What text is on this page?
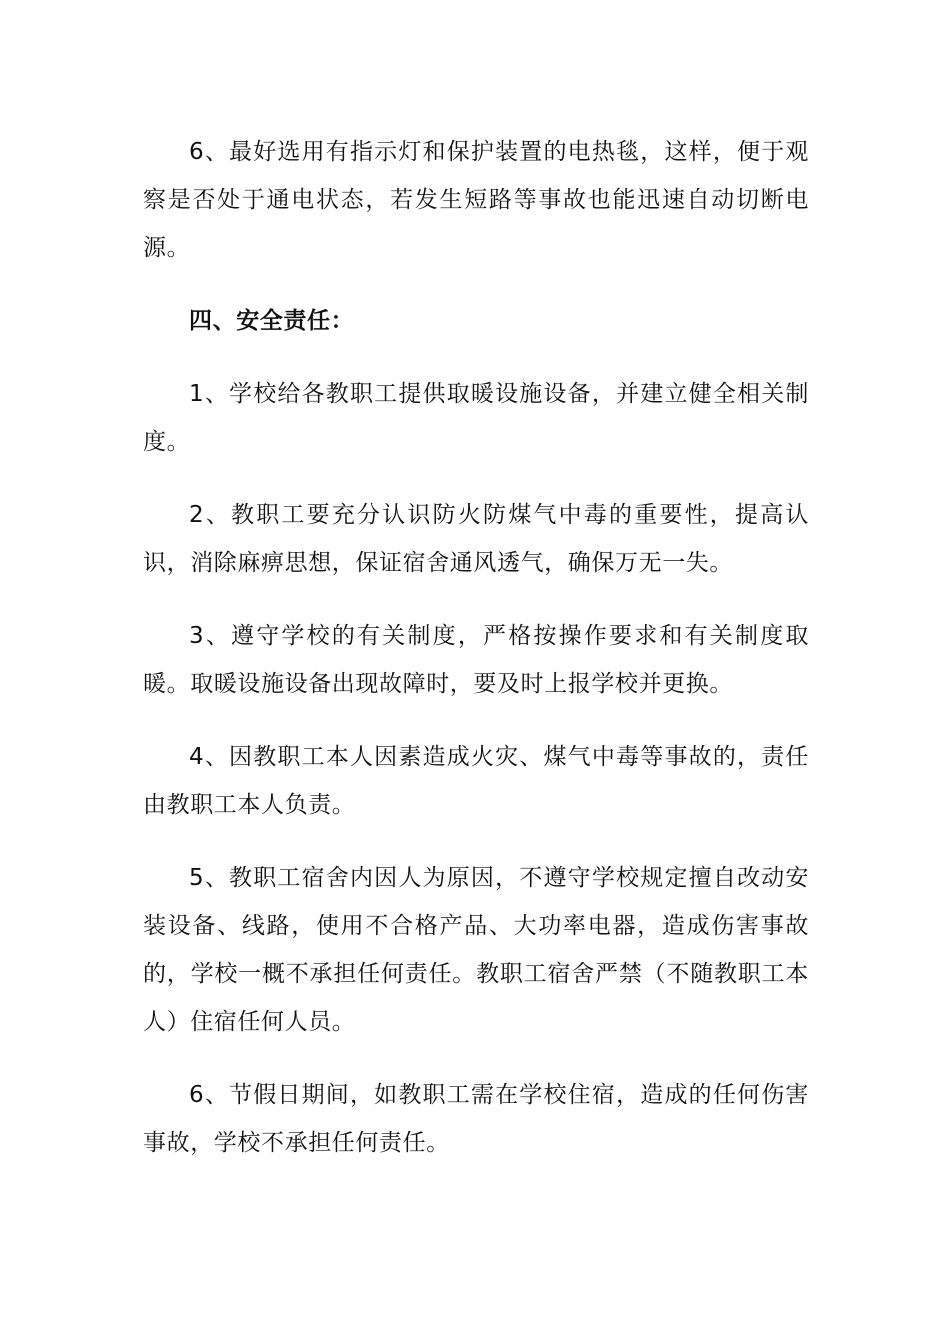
6、最好选用有指示灯和保护装置的电热毯，这样，便于观察是否处于通电状态，若发生短路等事故也能迅速自动切断电源。

四、安全责任：

1、学校给各教职工提供取暖设施设备，并建立健全相关制度。

2、教职工要充分认识防火防煤气中毒的重要性，提高认识，消除麻痹思想，保证宿舍通风透气，确保万无一失。

3、遵守学校的有关制度，严格按操作要求和有关制度取暖。取暖设施设备出现故障时，要及时上报学校并更换。

4、因教职工本人因素造成火灾、煤气中毒等事故的，责任由教职工本人负责。

5、教职工宿舍内因人为原因，不遵守学校规定擅自改动安装设备、线路，使用不合格产品、大功率电器，造成伤害事故的，学校一概不承担任何责任。教职工宿舍严禁（不随教职工本人）住宿任何人员。

6、节假日期间，如教职工需在学校住宿，造成的任何伤害事故，学校不承担任何责任。
